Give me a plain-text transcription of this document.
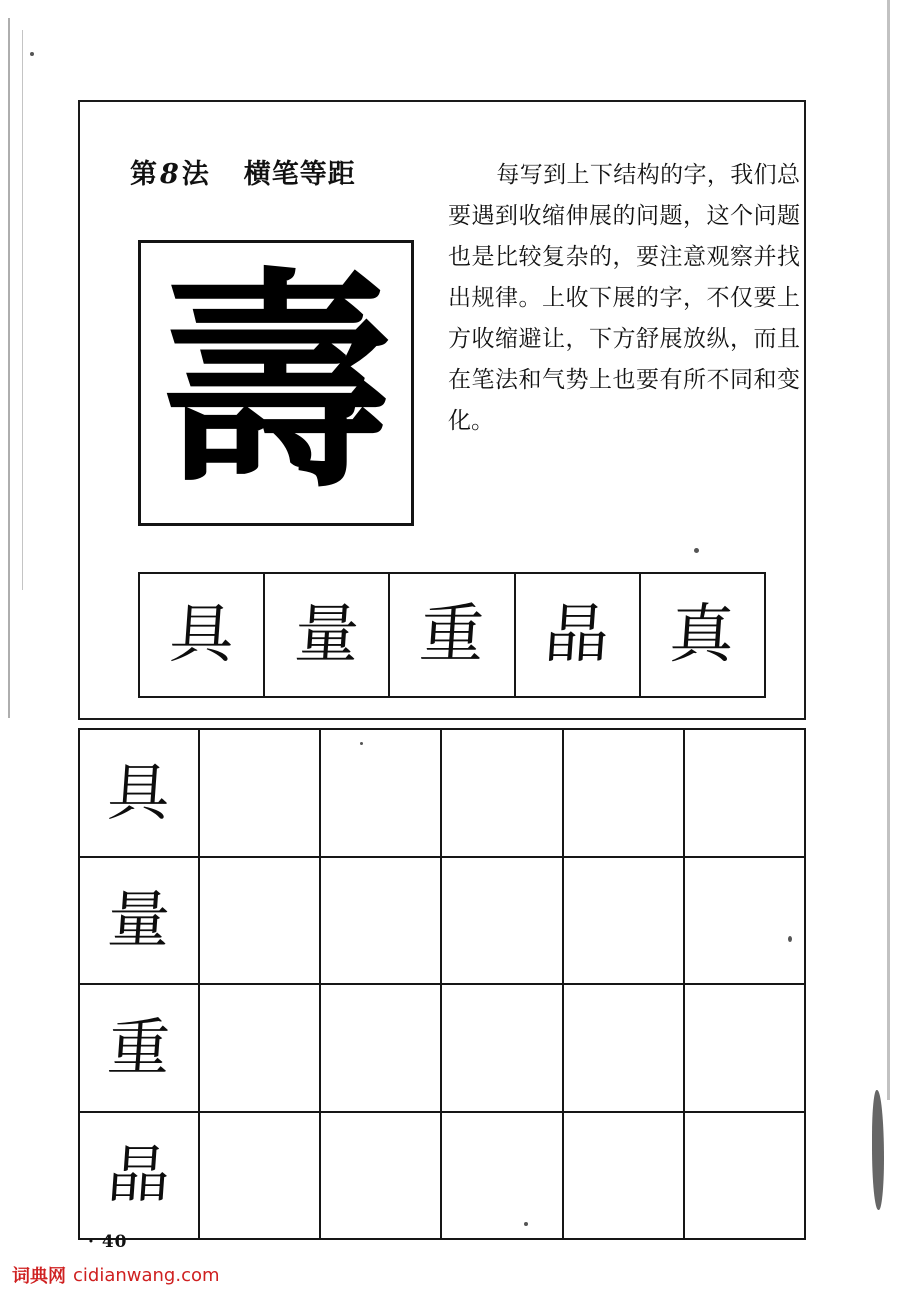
第8法 横笔等距	每写到上下结构的字，我们总要遇到收缩伸展的问题，这个问题也是比较复杂的，要注意观察并找出规律。上收下展的字，不仅要上方收缩避让，下方舒展放纵，而且在笔法和气势上也要有所不同和变化。
壽
具 量 重 晶 真
具
量
重
晶
· 40
词典网 cidianwang.com
